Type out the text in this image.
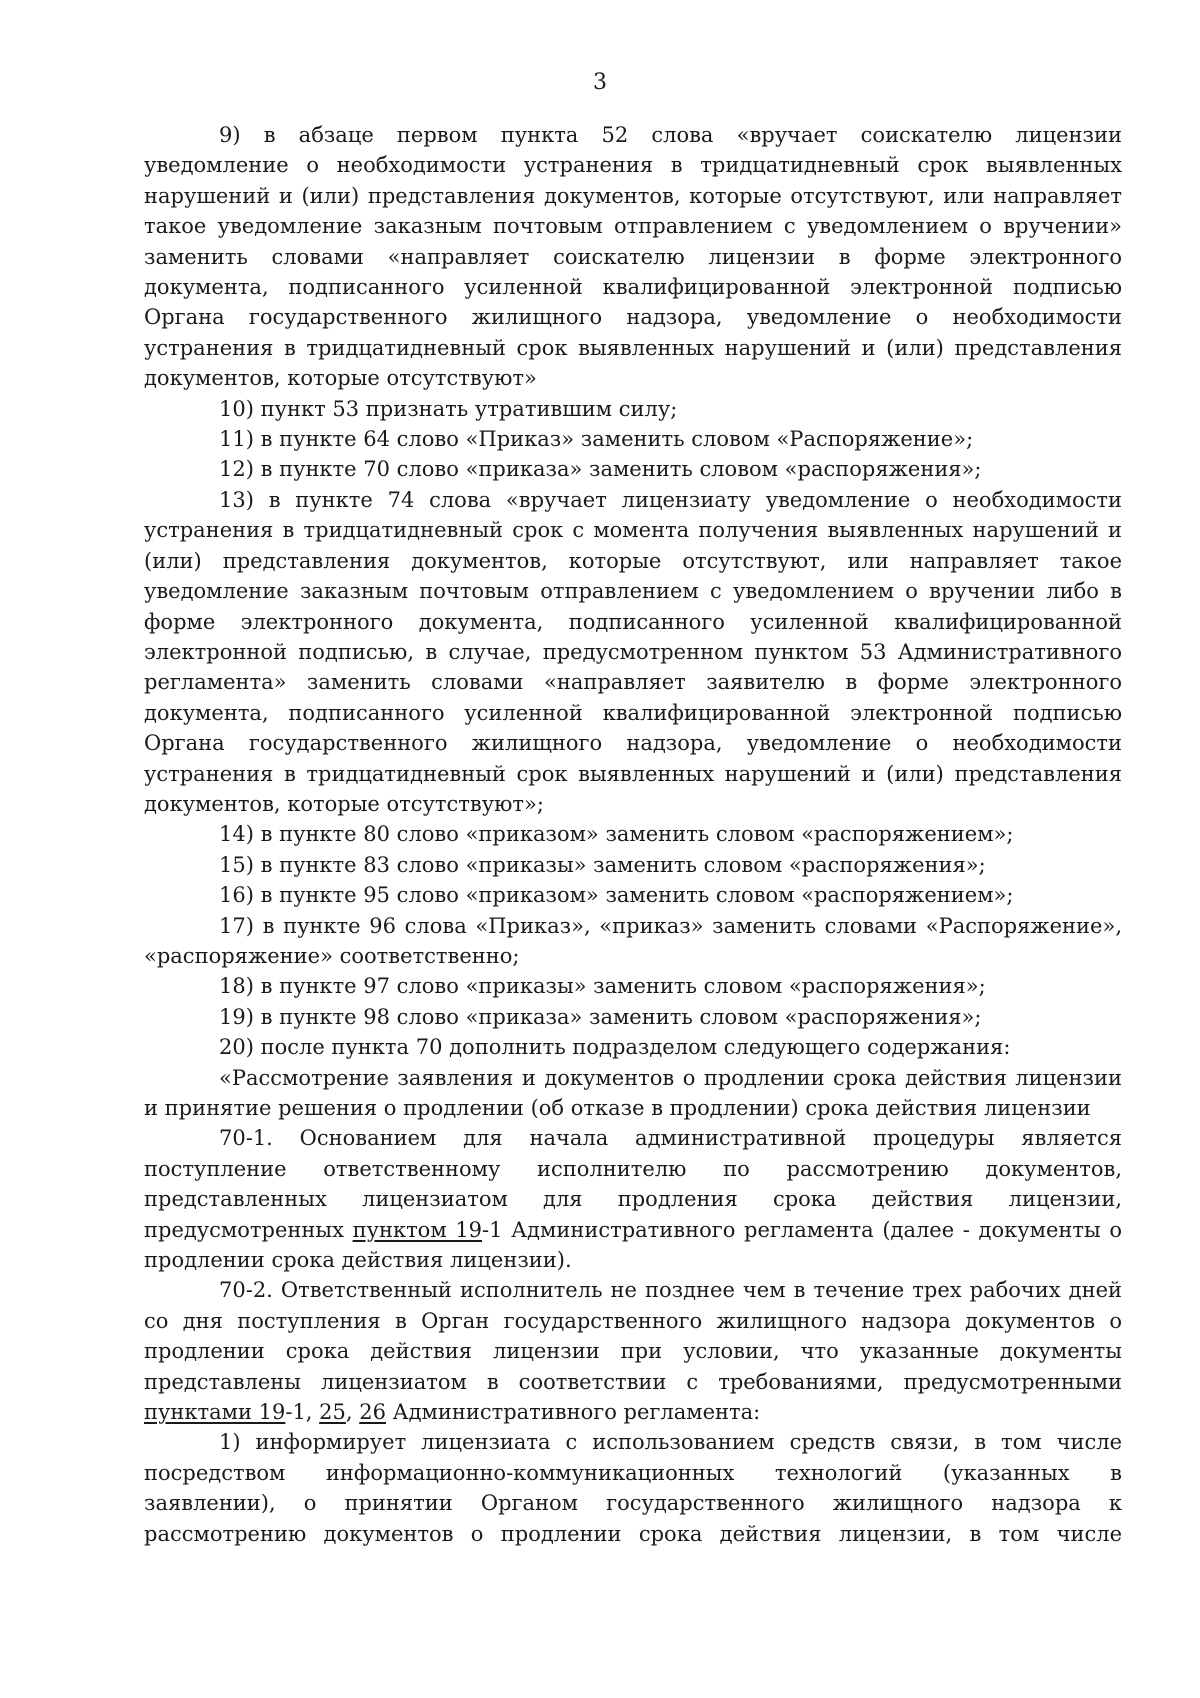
3

9) в абзаце первом пункта 52 слова «вручает соискателю лицензии уведомление о необходимости устранения в тридцатидневный срок выявленных нарушений и (или) представления документов, которые отсутствуют, или направляет такое уведомление заказным почтовым отправлением с уведомлением о вручении» заменить словами «направляет соискателю лицензии в форме электронного документа, подписанного усиленной квалифицированной электронной подписью Органа государственного жилищного надзора, уведомление о необходимости устранения в тридцатидневный срок выявленных нарушений и (или) представления документов, которые отсутствуют»

10) пункт 53 признать утратившим силу;

11) в пункте 64 слово «Приказ» заменить словом «Распоряжение»;

12) в пункте 70 слово «приказа» заменить словом «распоряжения»;

13) в пункте 74 слова «вручает лицензиату уведомление о необходимости устранения в тридцатидневный срок с момента получения выявленных нарушений и (или) представления документов, которые отсутствуют, или направляет такое уведомление заказным почтовым отправлением с уведомлением о вручении либо в форме электронного документа, подписанного усиленной квалифицированной электронной подписью, в случае, предусмотренном пунктом 53 Административного регламента» заменить словами «направляет заявителю в форме электронного документа, подписанного усиленной квалифицированной электронной подписью Органа государственного жилищного надзора, уведомление о необходимости устранения в тридцатидневный срок выявленных нарушений и (или) представления документов, которые отсутствуют»;

14) в пункте 80 слово «приказом» заменить словом «распоряжением»;

15) в пункте 83 слово «приказы» заменить словом «распоряжения»;

16) в пункте 95 слово «приказом» заменить словом «распоряжением»;

17) в пункте 96 слова «Приказ», «приказ» заменить словами «Распоряжение», «распоряжение» соответственно;

18) в пункте 97 слово «приказы» заменить словом «распоряжения»;

19) в пункте 98 слово «приказа» заменить словом «распоряжения»;

20) после пункта 70 дополнить подразделом следующего содержания:

«Рассмотрение заявления и документов о продлении срока действия лицензии и принятие решения о продлении (об отказе в продлении) срока действия лицензии

70-1. Основанием для начала административной процедуры является поступление ответственному исполнителю по рассмотрению документов, представленных лицензиатом для продления срока действия лицензии, предусмотренных пунктом 19-1 Административного регламента (далее - документы о продлении срока действия лицензии).

70-2. Ответственный исполнитель не позднее чем в течение трех рабочих дней со дня поступления в Орган государственного жилищного надзора документов о продлении срока действия лицензии при условии, что указанные документы представлены лицензиатом в соответствии с требованиями, предусмотренными пунктами 19-1, 25, 26 Административного регламента:

1) информирует лицензиата с использованием средств связи, в том числе посредством информационно-коммуникационных технологий (указанных в заявлении), о принятии Органом государственного жилищного надзора к рассмотрению документов о продлении срока действия лицензии, в том числе
